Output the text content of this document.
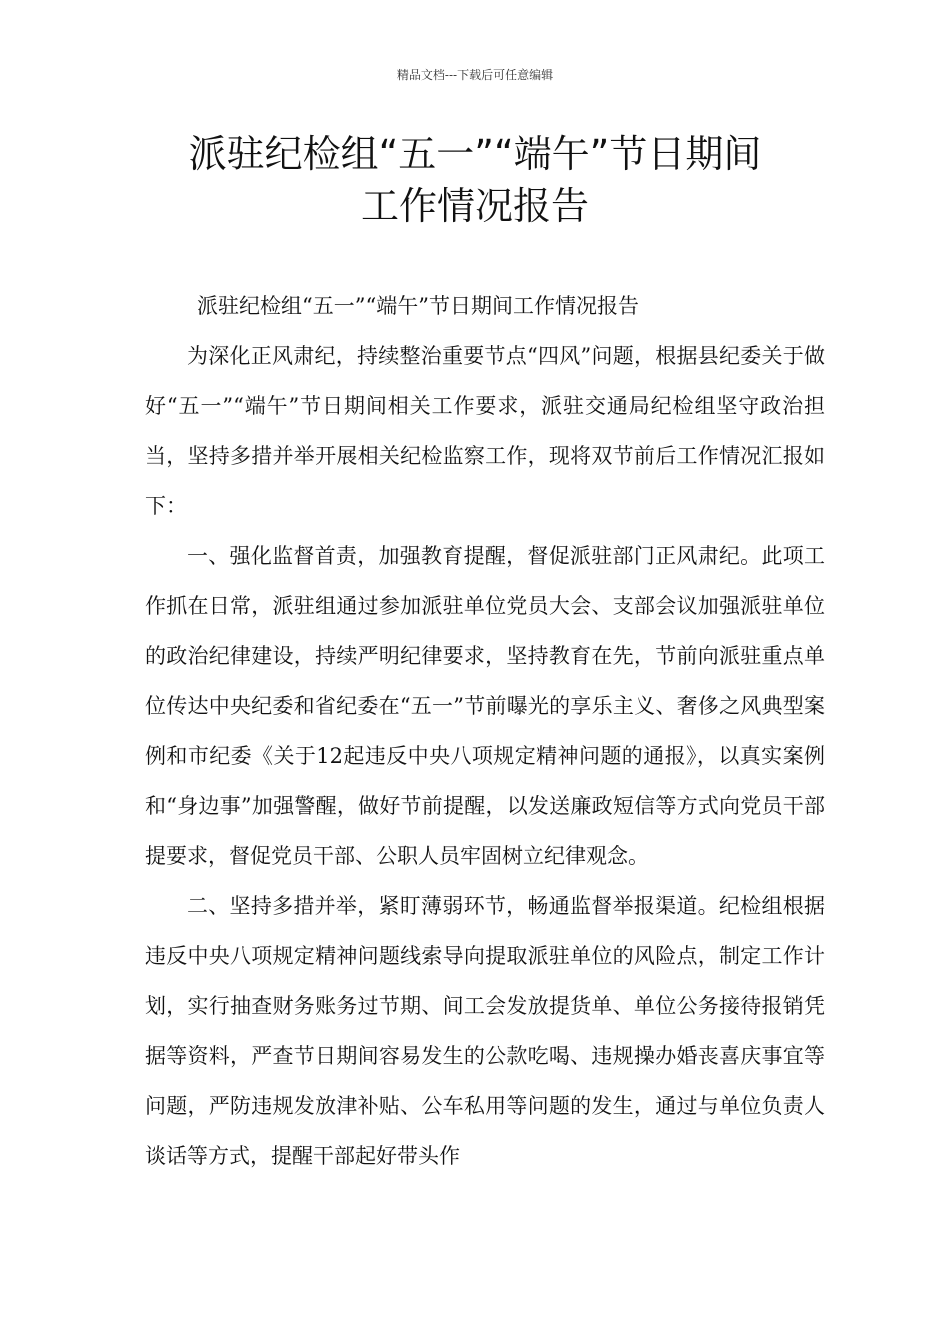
精品文档---下载后可任意编辑
派驻纪检组“五一”“端午”节日期间
工作情况报告

派驻纪检组“五一”“端午”节日期间工作情况报告

为深化正风肃纪，持续整治重要节点“四风”问题，根据县纪委关于做好“五一”“端午”节日期间相关工作要求，派驻交通局纪检组坚守政治担当，坚持多措并举开展相关纪检监察工作，现将双节前后工作情况汇报如下：

一、强化监督首责，加强教育提醒，督促派驻部门正风肃纪。此项工作抓在日常，派驻组通过参加派驻单位党员大会、支部会议加强派驻单位的政治纪律建设，持续严明纪律要求，坚持教育在先，节前向派驻重点单位传达中央纪委和省纪委在“五一”节前曝光的享乐主义、奢侈之风典型案例和市纪委《关于12起违反中央八项规定精神问题的通报》，以真实案例和“身边事”加强警醒，做好节前提醒，以发送廉政短信等方式向党员干部提要求，督促党员干部、公职人员牢固树立纪律观念。

二、坚持多措并举，紧盯薄弱环节，畅通监督举报渠道。纪检组根据违反中央八项规定精神问题线索导向提取派驻单位的风险点，制定工作计划，实行抽查财务账务过节期、间工会发放提货单、单位公务接待报销凭据等资料，严查节日期间容易发生的公款吃喝、违规操办婚丧喜庆事宜等问题，严防违规发放津补贴、公车私用等问题的发生，通过与单位负责人谈话等方式，提醒干部起好带头作
